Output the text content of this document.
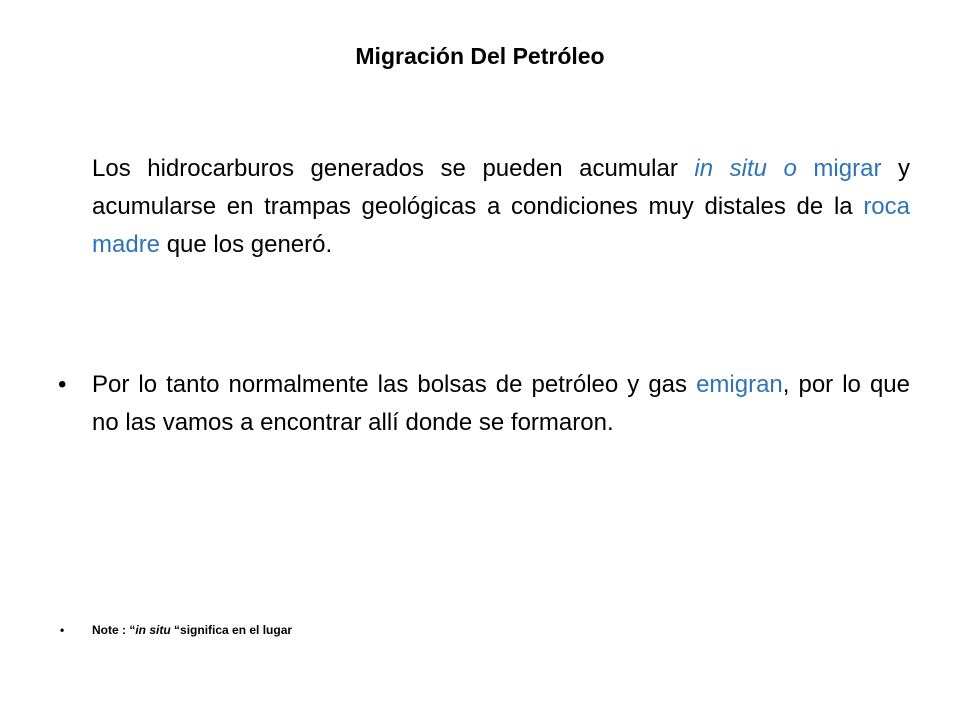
Migración Del Petróleo

Los hidrocarburos generados se pueden acumular in situ o migrar y acumularse en trampas geológicas a condiciones muy distales de la roca madre que los generó.

• Por lo tanto normalmente las bolsas de petróleo y gas emigran, por lo que no las vamos a encontrar allí donde se formaron.

• Note : “in situ “significa en el lugar
